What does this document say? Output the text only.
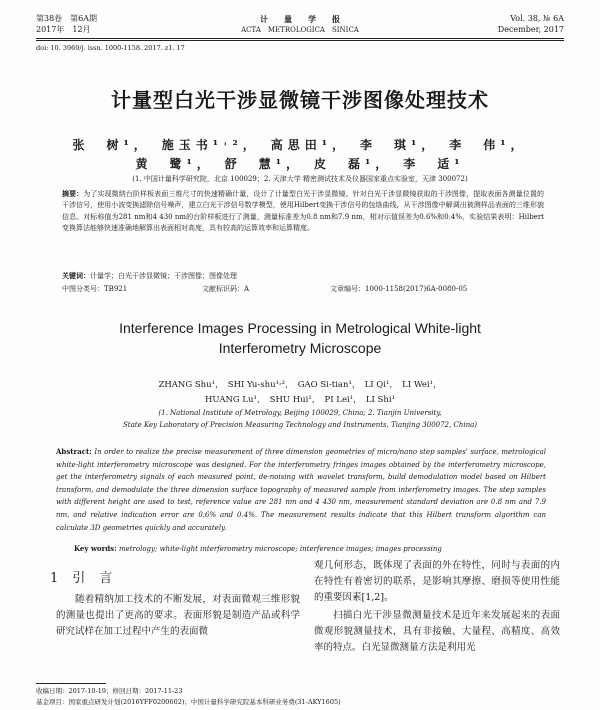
第38卷　第6A期
2017年　12月
计　　量　　学　　报
ACTA　METROLOGICA　SINICA
Vol. 38, № 6A
December, 2017
doi: 10. 3969/j. issn. 1000-1158. 2017. z1. 17
计量型白光干涉显微镜干涉图像处理技术
张　树¹，　施玉书¹˒²，　高思田¹，　李　琪¹，　李　伟¹，
黄　鹭¹，　舒　慧¹，　皮　磊¹，　李　适¹
(1. 中国计量科学研究院，北京 100029；2. 天津大学 精密测试技术及仪器国家重点实验室，天津 300072)
摘要：为了实现微纳台阶样板表面三维尺寸的快速精确计量，设计了计量型白光干涉显微镜。针对白光干涉显微镜获取的干涉图像，提取表面各测量位置的干涉信号，使用小波变换滤除信号噪声，建立白光干涉信号数学模型，使用Hilbert变换干涉信号的包络曲线，从干涉图像中解调出被测样品表面的三维形貌信息。对标称值为281 nm和4 430 nm的台阶样板进行了测量，测量标准差为0.8 nm和7.9 nm，相对示值误差为0.6%和0.4%，实验结果表明：Hilbert变换算法能够快速准确地解算出表面相对高度，具有较高的运算效率和运算精度。
关键词：计量学；白光干涉显微镜；干涉图像；图像处理
中图分类号：TB921	文献标识码：A	文章编号：1000-1158(2017)6A-0080-05
Interference Images Processing in Metrological White-light
Interferometry Microscope
ZHANG Shu¹，　SHI Yu-shu¹˒²，　GAO Si-tian¹，　LI Qi¹，　LI Wei¹，
HUANG Lu¹，　SHU Hui¹，　PI Lei¹，　LI Shi¹
(1. National Institute of Metrology, Beijing 100029, China; 2. Tianjin University,
State Key Laboratory of Precision Measuring Technology and Instruments, Tianjing 300072, China)
Abstract: In order to realize the precise measurement of three dimension geometries of micro/nano step samples' surface, metrological white-light interferometry microscope was designed. For the interferometry fringes images obtained by the interferometry microscope, get the interferometry signals of each measured point, de-noising with wavelet transform, build demodulation model based on Hilbert transform, and demodulate the three dimension surface topography of measured sample from interferometry images. The step samples with different height are used to test, reference value are 281 nm and 4 430 nm, measurement standard deviation are 0.8 nm and 7.9 nm, and relative indication error are 0.6% and 0.4%. The measurement results indicate that this Hilbert transform algorithm can calculate 3D geometries quickly and accurately.
Key words: metrology; white-light interferometry microscope; interference images; images processing
1引言
随着精纳加工技术的不断发展，对表面微观三维形貌的测量也提出了更高的要求。表面形貌是制造产品或科学研究试样在加工过程中产生的表面微
观几何形态，既体现了表面的外在特性，同时与表面的内在特性有着密切的联系，是影响其摩擦、磨损等使用性能的重要因素[1,2]。
扫描白光干涉显微测量技术是近年来发展起来的表面微观形貌测量技术，具有非接触、大量程、高精度、高效率的特点。白光显微测量方法是利用光
收稿日期：2017-10-19；修回日期：2017-11-23
基金项目：国家重点研发计划(2016YFF0200602)；中国计量科学研究院基本科研业务费(31-AKY1605)
